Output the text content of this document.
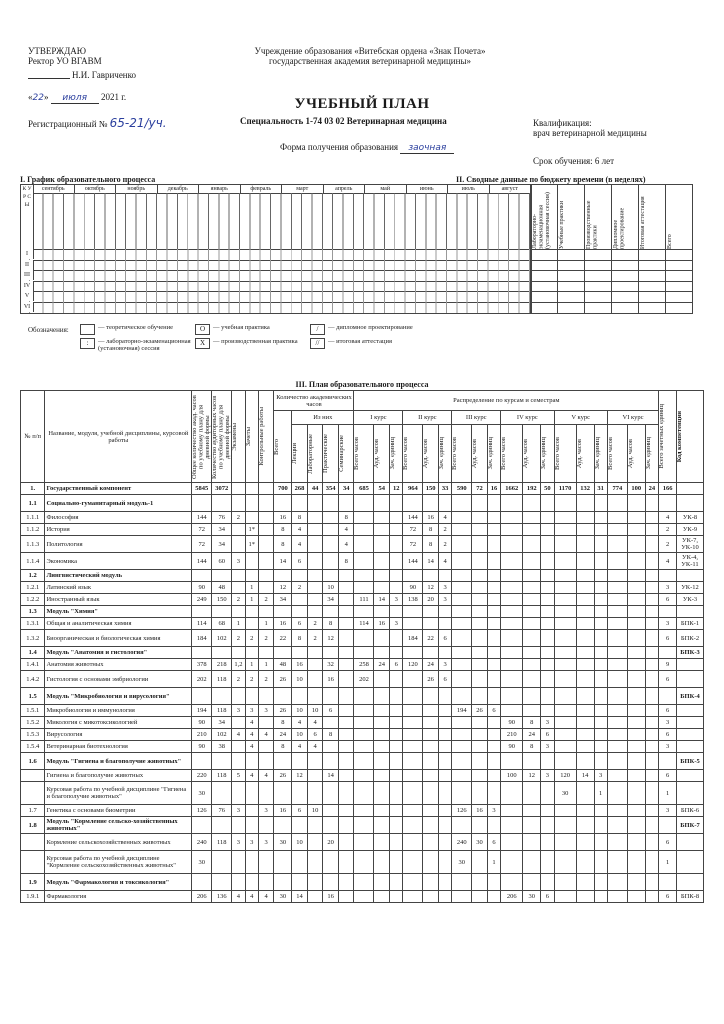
УТВЕРЖДАЮ
Ректор УО ВГАВМ
Н.И. Гавриченко
«22» июля 2021 г.
Регистрационный № 65-21/уч.
Учреждение образования «Витебская ордена «Знак Почета»
государственная академия ветеринарной медицины»
УЧЕБНЫЙ ПЛАН
Специальность 1-74 03 02 Ветеринарная медицина
Форма получения образования заочная
Квалификация:
врач ветеринарной медицины
Срок обучения: 6 лет
I. График образовательного процесса	II. Сводные данные по бюджету времени (в неделях)
К У Р С Ы
сентябрь	октябрь	ноябрь	декабрь	январь	февраль	март	апрель	май	июнь	июль	август
I
II
III
IV
V
VI
Лабораторно-экзаменационная (установочная сессия)	Учебные практики	Производственные практики	Дипломное проектирование	Итоговая аттестация	Всего
Обозначения:	— теоретическое обучение	О	— учебная практика	/	— дипломное проектирование
:	— лабораторно-экзаменационная (установочная) сессия
Х	— производственная практика	//	— итоговая аттестация
III. План образовательного процесса
№ п/п	Название, модуля, учебной дисциплины, курсовой работы	Общее количество акад. часов по учебному плану для дневной формы	Количество аудиторных часов по учебному плану для дневной формы	Экзамены	Зачеты	Контрольные работы	Количество академических часов					Распределение по курсам и семестрам																		Всего зачетных единиц	Код компетенции

							Всего	Из них				I курс			II курс			III курс			IV курс			V курс			VI курс				

								Лекции	Лабораторные	Практические	Семинарские	Всего часов	Ауд. часов	Зач. единиц	Всего часов	Ауд. часов	Зач. единиц	Всего часов	Ауд. часов	Зач. единиц	Всего часов	Ауд. часов	Зач. единиц	Всего часов	Ауд. часов	Зач. единиц	Всего часов	Ауд. часов	Зач. единиц		

1.	Государственный компонент	5845	3072				700	268	44	354	34	685	54	12	964	150	33	590	72	16	1662	192	50	1170	132	31	774	100	24	166	
1.1	Социально-гуманитарный модуль-1																														
1.1.1	Философия	144	76	2			16	8			8				144	16	4													4	УК-8
1.1.2	История	72	34		1*		8	4			4				72	8	2													2	УК-9
1.1.3	Политология	72	34		1*		8	4			4				72	8	2													2	УК-7, УК-10
1.1.4	Экономика	144	60	3			14	6			8				144	14	4													4	УК-4, УК-11
1.2	Лингвистический модуль																														
1.2.1	Латинский язык	90	48		1		12	2		10					90	12	3													3	УК-12
1.2.2	Иностранный язык	249	150	2	1	2	34			34		111	14	3	138	20	3													6	УК-3
1.3	Модуль "Химия"																														
1.3.1	Общая и аналитическая химия	114	68	1		1	16	6	2	8		114	16	3																3	БПК-1
1.3.2	Биоорганическая и биологическая химия	184	102	2	2	2	22	8	2	12					184	22	6													6	БПК-2
1.4	Модуль "Анатомия и гистология"																														БПК-3
1.4.1	Анатомия животных	378	218	1,2	1	1	48	16		32		258	24	6	120	24	3													9	
1.4.2	Гистология с основами эмбриологии	202	118	2	2	2	26	10		16		202				26	6													6	
1.5	Модуль "Микробиология и вирусология"																														БПК-4
1.5.1	Микробиология и иммунология	194	118	3	3	3	26	10	10	6								194	26	6										6	
1.5.2	Микология с микотоксикологией	90	34		4		8	4	4												90	8	3							3	
1.5.3	Вирусология	210	102	4	4	4	24	10	6	8											210	24	6							6	
1.5.4	Ветеринарная биотехнология	90	38		4		8	4	4												90	8	3							3	
1.6	Модуль "Гигиена и благополучие животных"																														БПК-5
	Гигиена и благополучие животных	220	118	5	4	4	26	12		14											100	12	3	120	14	3				6	
	Курсовая работа по учебной дисциплине "Гигиена и благополучие животных"	30																						30		1				1	
1.7	Генетика с основами биометрии	126	76	3		3	16	6	10									126	16	3										3	БПК-6
1.8	Модуль "Кормление сельско-хозяйственных животных"																														БПК-7
	Кормление сельскохозяйственных животных	240	118	3	3	3	30	10		20								240	30	6										6	
	Курсовая работа по учебной дисциплине "Кормление сельскохозяйственных животных"	30																30		1										1	
1.9	Модуль "Фармакология и токсикология"																														
1.9.1	Фармакология	206	136	4	4	4	30	14		16											206	30	6							6	БПК-8
